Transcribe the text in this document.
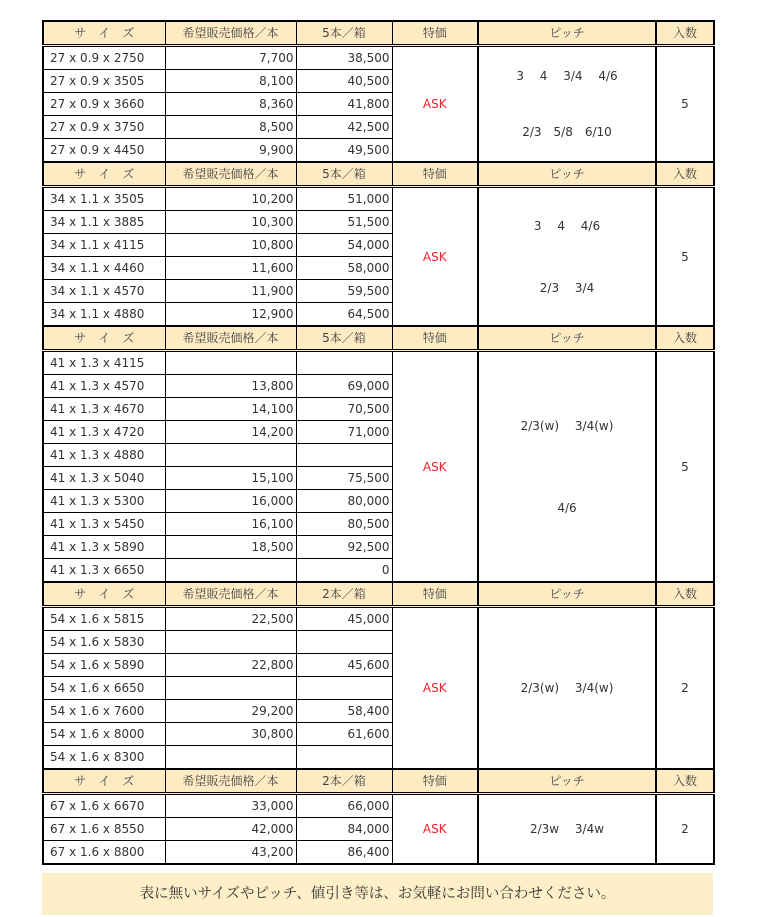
サ　イ　ズ	希望販売価格／本	5本／箱	特価	ピッチ	入数
27 x 0.9 x 2750	7,700	38,500	ASK	3　 4　 3/4　 4/6
2/3　5/8　6/10	5
27 x 0.9 x 3505	8,100	40,500			
27 x 0.9 x 3660	8,360	41,800			
27 x 0.9 x 3750	8,500	42,500			
27 x 0.9 x 4450	9,900	49,500			
サ　イ　ズ	希望販売価格／本	5本／箱	特価	ピッチ	入数
34 x 1.1 x 3505	10,200	51,000	ASK	3　 4　 4/6
2/3　 3/4	5
34 x 1.1 x 3885	10,300	51,500			
34 x 1.1 x 4115	10,800	54,000			
34 x 1.1 x 4460	11,600	58,000			
34 x 1.1 x 4570	11,900	59,500			
34 x 1.1 x 4880	12,900	64,500			
サ　イ　ズ	希望販売価格／本	5本／箱	特価	ピッチ	入数
41 x 1.3 x 4115			ASK	2/3(w)　 3/4(w)
4/6	5
41 x 1.3 x 4570	13,800	69,000			
41 x 1.3 x 4670	14,100	70,500			
41 x 1.3 x 4720	14,200	71,000			
41 x 1.3 x 4880					
41 x 1.3 x 5040	15,100	75,500			
41 x 1.3 x 5300	16,000	80,000			
41 x 1.3 x 5450	16,100	80,500			
41 x 1.3 x 5890	18,500	92,500			
41 x 1.3 x 6650		0			
サ　イ　ズ	希望販売価格／本	2本／箱	特価	ピッチ	入数
54 x 1.6 x 5815	22,500	45,000	ASK	2/3(w)　 3/4(w)	2
54 x 1.6 x 5830					
54 x 1.6 x 5890	22,800	45,600			
54 x 1.6 x 6650					
54 x 1.6 x 7600	29,200	58,400			
54 x 1.6 x 8000	30,800	61,600			
54 x 1.6 x 8300					
サ　イ　ズ	希望販売価格／本	2本／箱	特価	ピッチ	入数
67 x 1.6 x 6670	33,000	66,000	ASK	2/3w　 3/4w	2
67 x 1.6 x 8550	42,000	84,000			
67 x 1.6 x 8800	43,200	86,400			
表に無いサイズやピッチ、値引き等は、お気軽にお問い合わせください。
